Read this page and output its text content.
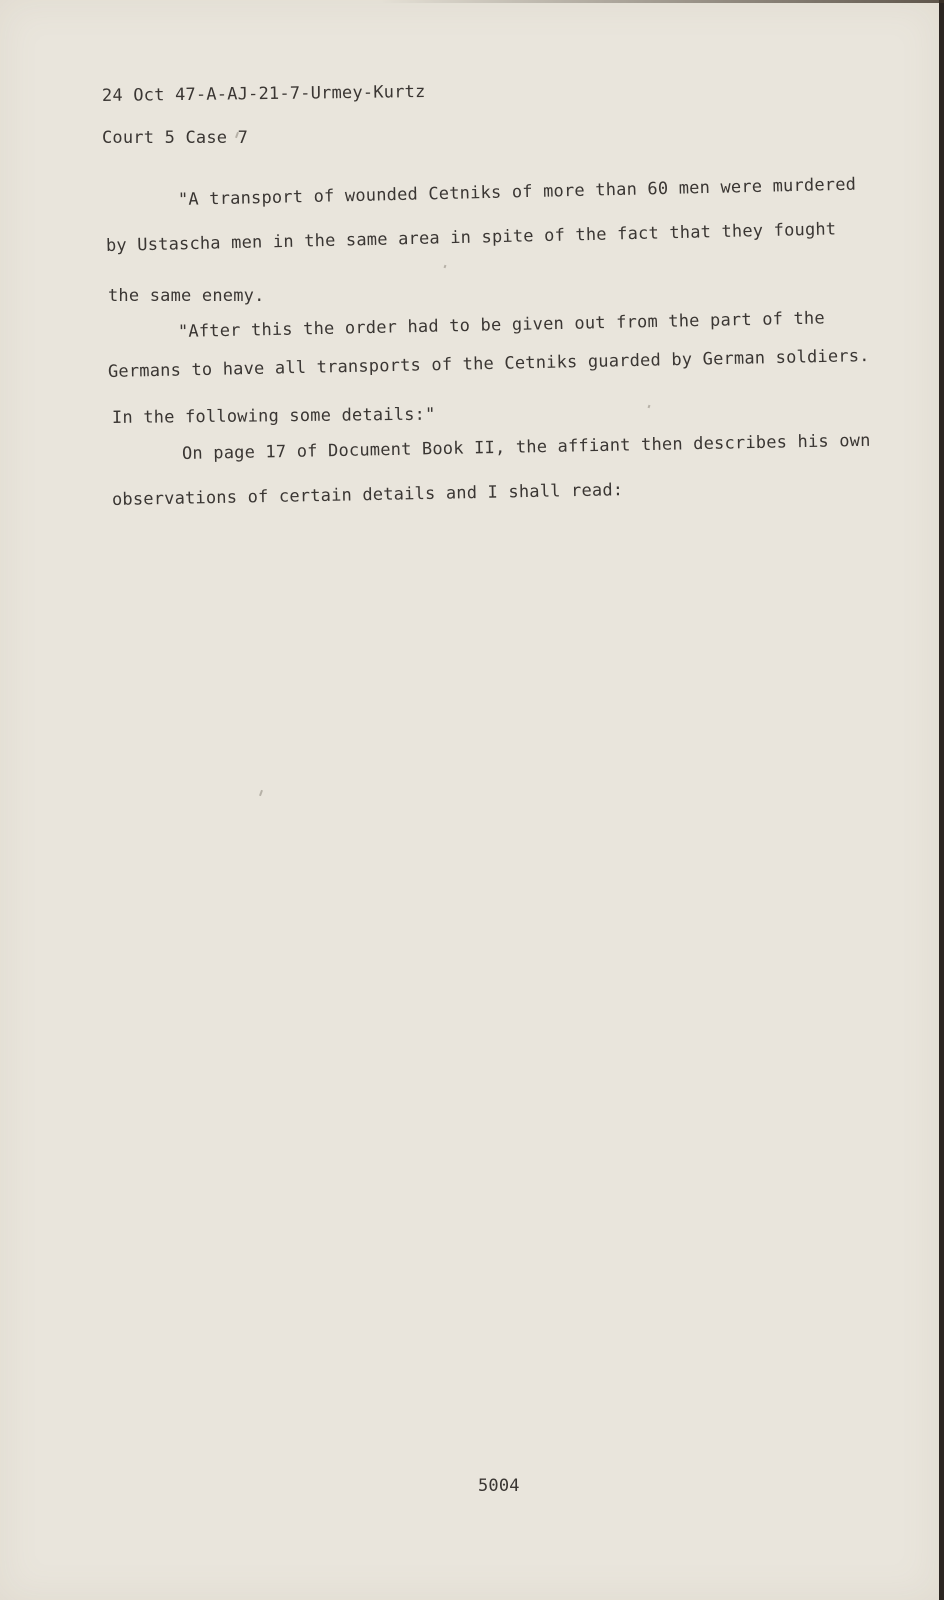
24 Oct 47-A-AJ-21-7-Urmey-Kurtz
Court 5 Case 7
"A transport of wounded Cetniks of more than 60 men were murdered
by Ustascha men in the same area in spite of the fact that they fought
the same enemy.
"After this the order had to be given out from the part of the
Germans to have all transports of the Cetniks guarded by German soldiers.
In the following some details:"
On page 17 of Document Book II, the affiant then describes his own
observations of certain details and I shall read:
5004
